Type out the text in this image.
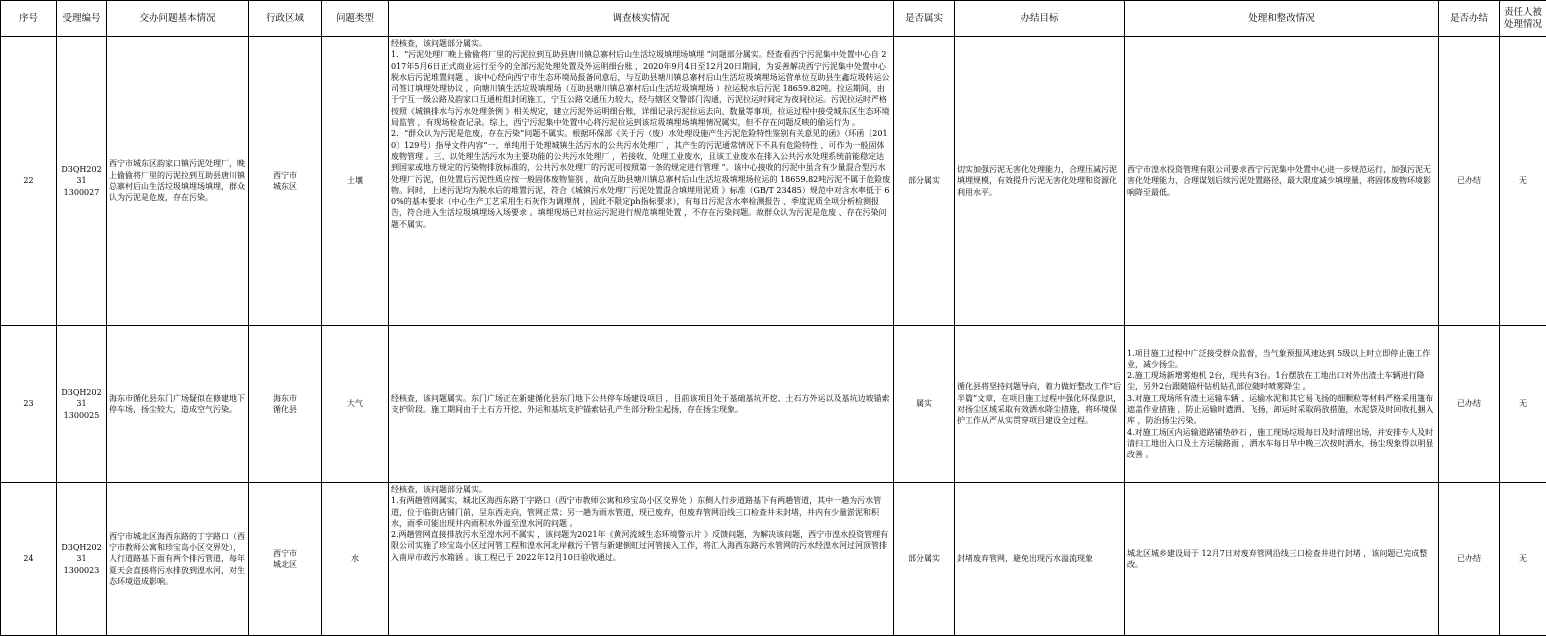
序号	受理编号	交办问题基本情况	行政区域	问题类型	调查核实情况	是否属实	办结目标	处理和整改情况	是否办结	责任人被处理情况
22	D3QH20231
1300027	西宁市城东区韵家口镇污泥处理厂，晚上偷偷将厂里的污泥拉到互助县唐川镇总寨村后山生活垃圾填埋场填埋，群众认为污泥是危废，存在污染。	西宁市
城东区	土壤	经核查，该问题部分属实。
1．“污泥处理厂晚上偷偷将厂里的污泥拉到互助县唐川镇总寨村后山生活垃圾填埋场填埋 ”问题部分属实。经查看西宁污泥集中处置中心自 2017年5月6日正式商业运行至今的全部污泥处理处置及外运明细台账 ，2020年9月4日至12月20日期间，为妥善解决西宁污泥集中处置中心脱水后污泥堆置问题 ，该中心经向西宁市生态环境局报备同意后，与互助县塘川镇总寨村后山生活垃圾填埋场运营单位互助县生鑫垃圾转运公司签订填埋处理协议 ，向塘川镇生活垃圾填埋场（互助县塘川镇总寨村后山生活垃圾填埋场 ）拉运脱水后污泥 18659.82吨。拉运期间，由于宁互一级公路及韵家口互通桩组封闭施工，宁互公路交通压力较大，经与辖区交警部门沟通，污泥拉运时间定为夜间拉运。污泥拉运时严格按照《城镇排水与污水处理条例 》相关规定，建立污泥外运明细台账，详细记录污泥拉运去向、数量等事项，拉运过程中接受城东区生态环境局监管 ，有现场检查记录。综上，西宁污泥集中处置中心将污泥拉运到该垃圾填埋场填埋情况属实，但不存在问题反映的偷运行为 。
2．“群众认为污泥是危废，存在污染”问题不属实。根据环保部《关于污（废）水处理设施产生污泥危险特性鉴别有关意见的函》（环函〔2010〕129号）指导文件内容“一、单纯用于处理城镇生活污水的公共污水处理厂 ，其产生的污泥通常情况下不具有危险特性 ，可作为一般固体废物管理 。三、以处理生活污水为主要功能的公共污水处理厂 ，若接收、处理工业废水，且该工业废水在排入公共污水处理系统前能稳定达到国家或地方规定的污染物排放标准的，公共污水处理厂的污泥可按照第一条的规定进行管理 ”。该中心接收的污泥中虽含有少量混合型污水处理厂污泥，但处置后污泥性质应按一般固体废物鉴别 ，故向互助县塘川镇总寨村后山生活垃圾填埋场拉运的 18659.82吨污泥不属于危险废物。同时，上述污泥均为脱水后的堆置污泥，符合《城镇污水处理厂污泥处置混合填埋用泥质 》标准（GB/T 23485）规范中对含水率低于 60%的基本要求（中心生产工艺采用生石灰作为调理剂 ，因此不限定ph指标要求），有每日污泥含水率检测报告 、季度泥质全项分析检测报告，符合进入生活垃圾填埋场入场要求 。填埋现场已对拉运污泥进行规范填埋处置 ，不存在污染问题。故群众认为污泥是危废 、存在污染问题不属实。	部分属实	切实加强污泥无害化处理能力，合理压减污泥填埋规模，有效提升污泥无害化处理和资源化利用水平。	西宁市湟水投资管理有限公司要求西宁污泥集中处置中心进一步规范运行，加强污泥无害化处理能力，合理谋划后续污泥处置路径，最大限度减少填埋量，将固体废物环境影响降至最低。	已办结	无
23	D3QH20231
1300025	海东市循化县东门广场疑似在修建地下停车场，扬尘较大，造成空气污染。	海东市
循化县	大气	经核查，该问题属实。东门广场正在新建循化县东门地下公共停车场建设项目 ，目前该项目处于基础基坑开挖、土石方外运以及基坑边坡锚索支护阶段。施工期间由于土石方开挖、外运和基坑支护锚索钻孔产生部分粉尘起扬，存在扬尘现象。	属实	循化县将坚持问题导向，着力做好整改工作“后半篇”文章，在项目施工过程中强化环保意识，对扬尘区域采取有效洒水降尘措施，将环境保护工作从严从实贯穿项目建设全过程。	1.项目施工过程中广泛接受群众监督，当气象预报风速达到 5级以上时立即停止施工作业，减少扬尘。
2.施工现场新增雾炮机 2台，现共有3台。1台摆放在工地出口对外出渣土车辆进行降尘，另外2台跟随锚杆钻机钻孔部位随时喷雾降尘 。
3.对施工现场所有渣土运输车辆 、运输水泥和其它易飞扬的细颗粒等材料严格采用篷布遮盖作业措施 ，防止运输时遗洒、飞扬，卸运时采取码放措施，水泥袋及时回收扎捆入库 ，防治扬尘污染。
4.对施工场区内运输道路铺垫砂石 ，施工现场垃圾每日及时清理出场，并安排专人及时清扫工地出入口及土方运输路面 ，洒水车每日早中晚三次按时洒水，扬尘现象得以明显改善 。	已办结	无
24	D3QH20231
1300023	西宁市城北区海西东路的丁字路口（西宁市教师公寓和珍宝岛小区交界处），人行道路基下面有两个排污管道，每年夏天会直接将污水排放到湟水河，对生态环境造成影响。	西宁市
城北区	水	经核查，该问题部分属实。
1.有两趟管网属实，城北区海西东路丁字路口（西宁市教师公寓和珍宝岛小区交界处 ）东侧人行步道路基下有两趟管道，其中一趟为污水管道，位于临街店铺门前，呈东西走向，管网正常；另一趟为雨水管道，现已废弃，但废弃管网沿线三口检查井未封堵，井内有少量淤泥和积水，雨季可能出现井内雨积水外溢至湟水河的问题 。
2.两趟管网直接排放污水至湟水河不属实 ，该问题为2021年《黄河流域生态环境警示片 》反馈问题，为解决该问题，西宁市湟水投资管理有限公司实施了珍宝岛小区过河管工程和湟水河北岸截污干管与新建倒虹过河管接入工作，将汇入海西东路污水管网的污水经湟水河过河顶管排入南岸市政污水箱涵 。该工程已于 2022年12月10日验收通过。	部分属实	封堵废弃管网，避免出现污水溢流现象	城北区城乡建设局于 12月7日对废弃管网沿线三口检查井进行封堵 ，该问题已完成整改。	已办结	无
